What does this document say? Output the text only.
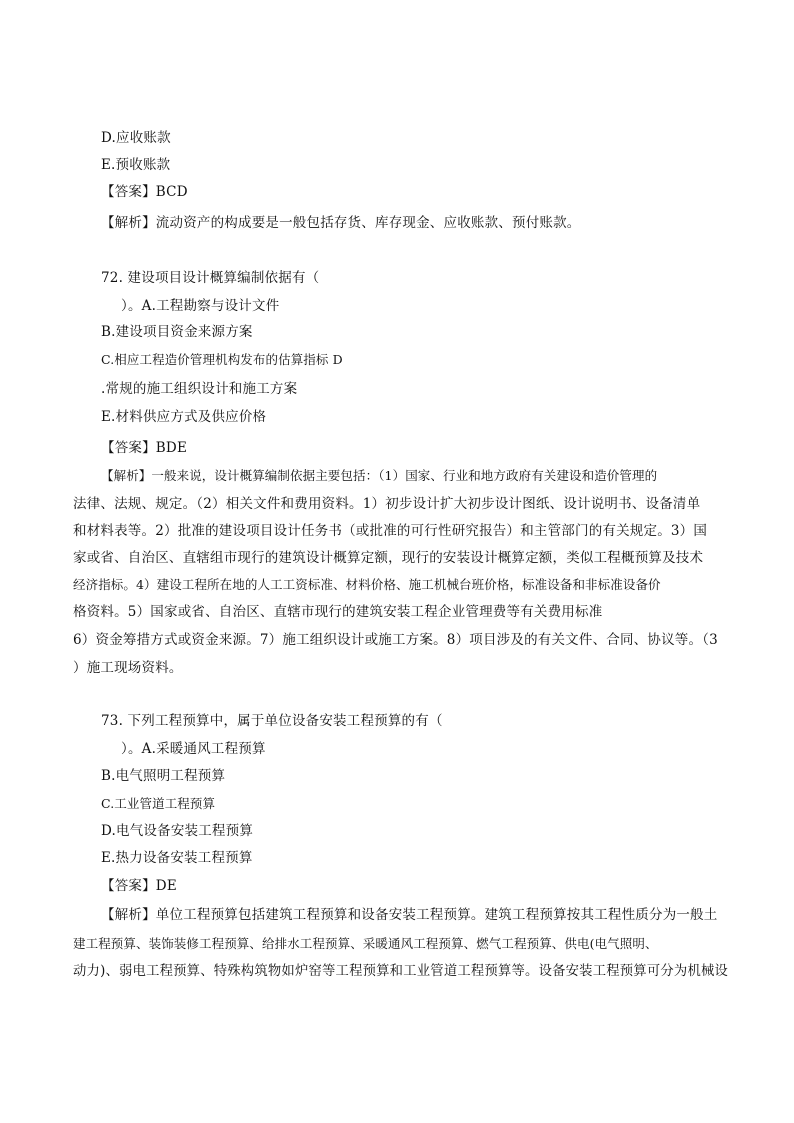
D.应收账款
E.预收账款
【答案】BCD
【解析】流动资产的构成要是一般包括存货、库存现金、应收账款、预付账款。
72. 建设项目设计概算编制依据有（
）。A.工程勘察与设计文件
B.建设项目资金来源方案
C.相应工程造价管理机构发布的估算指标 D
.常规的施工组织设计和施工方案
E.材料供应方式及供应价格
【答案】BDE
【解析】一般来说，设计概算编制依据主要包括：（1）国家、行业和地方政府有关建设和造价管理的
法律、法规、规定。（2）相关文件和费用资料。1）初步设计扩大初步设计图纸、设计说明书、设备清单
和材料表等。2）批准的建设项目设计任务书（或批准的可行性研究报告）和主管部门的有关规定。3）国
家或省、自治区、直辖组市现行的建筑设计概算定额，现行的安装设计概算定额，类似工程概预算及技术
经济指标。4）建设工程所在地的人工工资标准、材料价格、施工机械台班价格，标准设备和非标准设备价
格资料。5）国家或省、自治区、直辖市现行的建筑安装工程企业管理费等有关费用标准
6）资金筹措方式或资金来源。7）施工组织设计或施工方案。8）项目涉及的有关文件、合同、协议等。（3
）施工现场资料。
73. 下列工程预算中，属于单位设备安装工程预算的有（
）。A.采暖通风工程预算
B.电气照明工程预算
C.工业管道工程预算
D.电气设备安装工程预算
E.热力设备安装工程预算
【答案】DE
【解析】单位工程预算包括建筑工程预算和设备安装工程预算。建筑工程预算按其工程性质分为一般土
建工程预算、装饰装修工程预算、给排水工程预算、采暖通风工程预算、燃气工程预算、供电(电气照明、
动力)、弱电工程预算、特殊构筑物如炉窑等工程预算和工业管道工程预算等。设备安装工程预算可分为机械设
